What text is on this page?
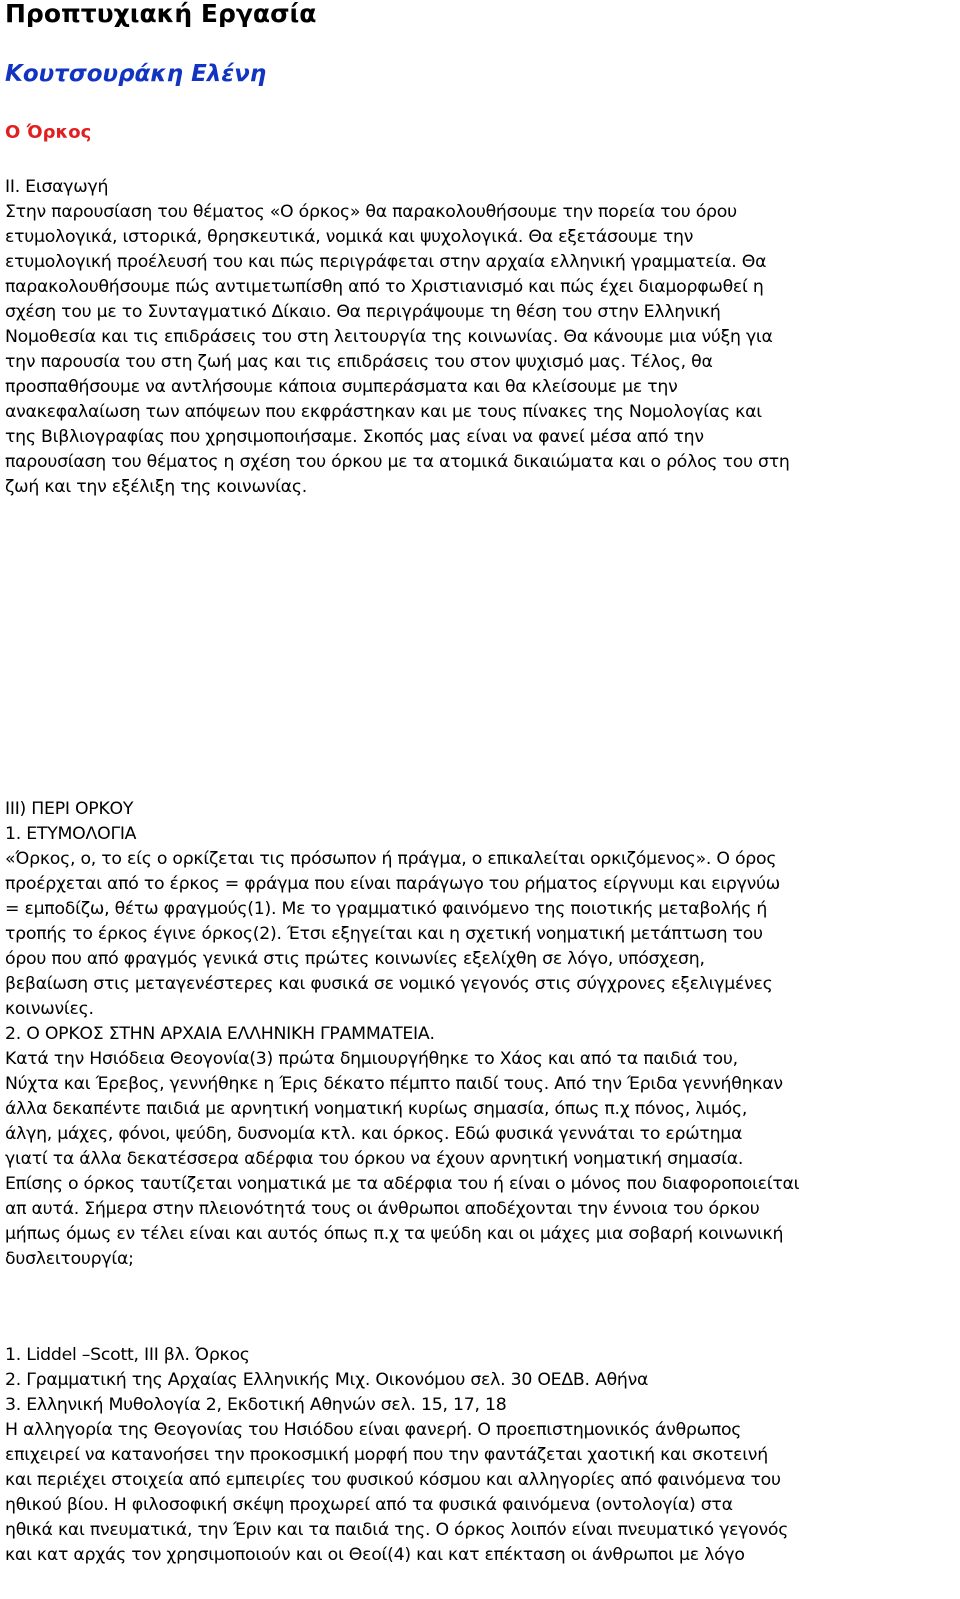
Προπτυχιακή Εργασία
Κουτσουράκη Ελένη
Ο Όρκος
II. Εισαγωγή
Στην παρουσίαση του θέματος «Ο όρκος» θα παρακολουθήσουμε την πορεία του όρου
ετυμολογικά, ιστορικά, θρησκευτικά, νομικά και ψυχολογικά. Θα εξετάσουμε την
ετυμολογική προέλευσή του και πώς περιγράφεται στην αρχαία ελληνική γραμματεία. Θα
παρακολουθήσουμε πώς αντιμετωπίσθη από το Χριστιανισμό και πώς έχει διαμορφωθεί η
σχέση του με το Συνταγματικό Δίκαιο. Θα περιγράψουμε τη θέση του στην Ελληνική
Νομοθεσία και τις επιδράσεις του στη λειτουργία της κοινωνίας. Θα κάνουμε μια νύξη για
την παρουσία του στη ζωή μας και τις επιδράσεις του στον ψυχισμό μας. Τέλος, θα
προσπαθήσουμε να αντλήσουμε κάποια συμπεράσματα και θα κλείσουμε με την
ανακεφαλαίωση των απόψεων που εκφράστηκαν και με τους πίνακες της Νομολογίας και
της Βιβλιογραφίας που χρησιμοποιήσαμε. Σκοπός μας είναι να φανεί μέσα από την
παρουσίαση του θέματος η σχέση του όρκου με τα ατομικά δικαιώματα και ο ρόλος του στη
ζωή και την εξέλιξη της κοινωνίας.
III) ΠΕΡΙ ΟΡΚΟΥ
1. ΕΤΥΜΟΛΟΓΙΑ
«Όρκος, ο, το είς ο ορκίζεται τις πρόσωπον ή πράγμα, ο επικαλείται ορκιζόμενος». Ο όρος
προέρχεται από το έρκος = φράγμα που είναι παράγωγο του ρήματος είργνυμι και ειργνύω
= εμποδίζω, θέτω φραγμούς(1). Με το γραμματικό φαινόμενο της ποιοτικής μεταβολής ή
τροπής το έρκος έγινε όρκος(2). Έτσι εξηγείται και η σχετική νοηματική μετάπτωση του
όρου που από φραγμός γενικά στις πρώτες κοινωνίες εξελίχθη σε λόγο, υπόσχεση,
βεβαίωση στις μεταγενέστερες και φυσικά σε νομικό γεγονός στις σύγχρονες εξελιγμένες
κοινωνίες.
2. Ο ΟΡΚΟΣ ΣΤΗΝ ΑΡΧΑΙΑ ΕΛΛΗΝΙΚΗ ΓΡΑΜΜΑΤΕΙΑ.
Κατά την Ησιόδεια Θεογονία(3) πρώτα δημιουργήθηκε το Χάος και από τα παιδιά του,
Νύχτα και Έρεβος, γεννήθηκε η Έρις δέκατο πέμπτο παιδί τους. Από την Έριδα γεννήθηκαν
άλλα δεκαπέντε παιδιά με αρνητική νοηματική κυρίως σημασία, όπως π.χ πόνος, λιμός,
άλγη, μάχες, φόνοι, ψεύδη, δυσνομία κτλ. και όρκος. Εδώ φυσικά γεννάται το ερώτημα
γιατί τα άλλα δεκατέσσερα αδέρφια του όρκου να έχουν αρνητική νοηματική σημασία.
Επίσης ο όρκος ταυτίζεται νοηματικά με τα αδέρφια του ή είναι ο μόνος που διαφοροποιείται
απ αυτά. Σήμερα στην πλειονότητά τους οι άνθρωποι αποδέχονται την έννοια του όρκου
μήπως όμως εν τέλει είναι και αυτός όπως π.χ τα ψεύδη και οι μάχες μια σοβαρή κοινωνική
δυσλειτουργία;
1. Liddel –Scott, III βλ. Όρκος
2. Γραμματική της Αρχαίας Ελληνικής Μιχ. Οικονόμου σελ. 30 ΟΕΔΒ. Αθήνα
3. Ελληνική Μυθολογία 2, Εκδοτική Αθηνών σελ. 15, 17, 18
Η αλληγορία της Θεογονίας του Ησιόδου είναι φανερή. Ο προεπιστημονικός άνθρωπος
επιχειρεί να κατανοήσει την προκοσμική μορφή που την φαντάζεται χαοτική και σκοτεινή
και περιέχει στοιχεία από εμπειρίες του φυσικού κόσμου και αλληγορίες από φαινόμενα του
ηθικού βίου. Η φιλοσοφική σκέψη προχωρεί από τα φυσικά φαινόμενα (οντολογία) στα
ηθικά και πνευματικά, την Έριν και τα παιδιά της. Ο όρκος λοιπόν είναι πνευματικό γεγονός
και κατ αρχάς τον χρησιμοποιούν και οι Θεοί(4) και κατ επέκταση οι άνθρωποι με λόγο
